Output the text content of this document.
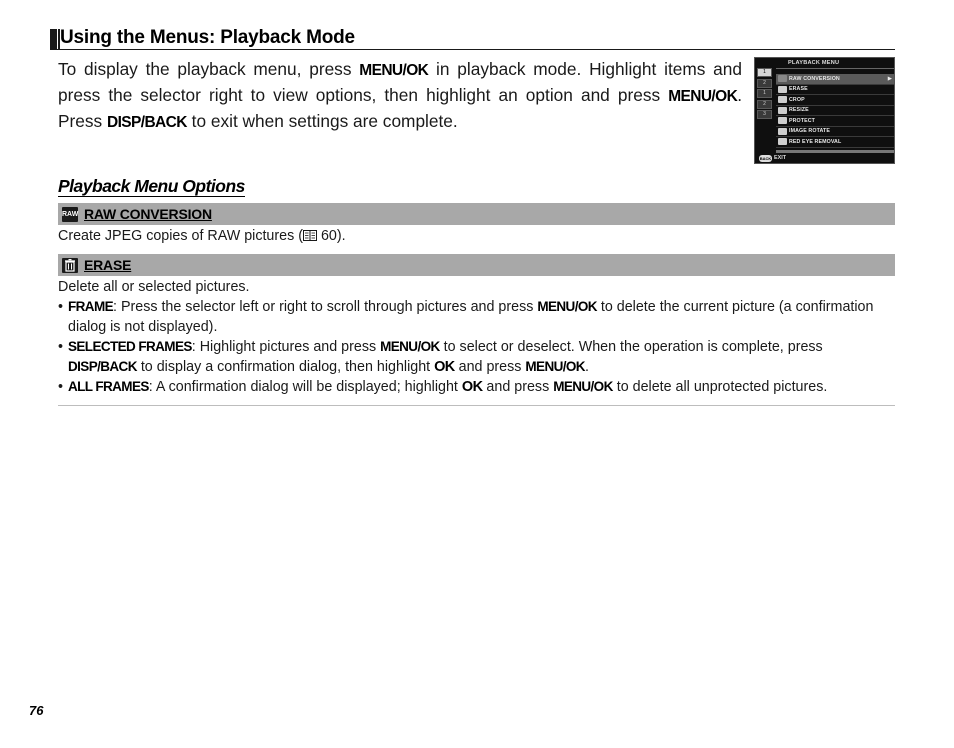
Using the Menus: Playback Mode

To display the playback menu, press MENU/OK in playback mode. Highlight items and press the selector right to view options, then highlight an option and press MENU/OK. Press DISP/BACK to exit when settings are complete.

PLAYBACK MENU
1
2
1
2
3
RAW CONVERSION	▶
ERASE
CROP
RESIZE
PROTECT
IMAGE ROTATE
RED EYE REMOVAL
BACK EXIT
Playback Menu Options
RAW RAW CONVERSION

Create JPEG copies of RAW pictures ( 60).

ERASE

Delete all or selected pictures.

• FRAME: Press the selector left or right to scroll through pictures and press MENU/OK to delete the current picture (a confirmation dialog is not displayed).
• SELECTED FRAMES: Highlight pictures and press MENU/OK to select or deselect. When the operation is complete, press DISP/BACK to display a confirmation dialog, then highlight OK and press MENU/OK.
• ALL FRAMES: A confirmation dialog will be displayed; highlight OK and press MENU/OK to delete all unprotected pictures.
76
